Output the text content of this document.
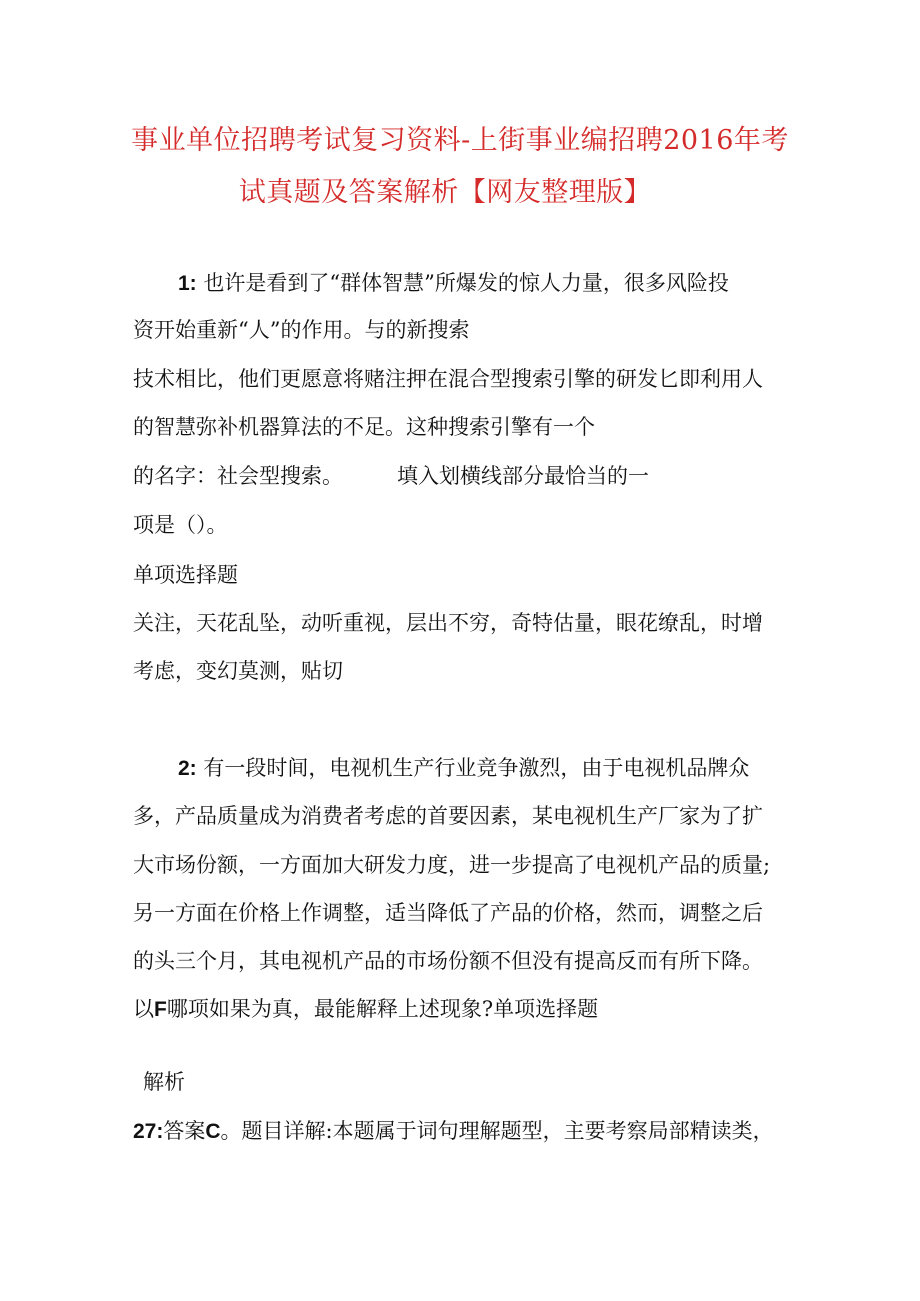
事业单位招聘考试复习资料-上街事业编招聘2016年考
试真题及答案解析【网友整理版】
1: 也许是看到了“群体智慧”所爆发的惊人力量，很多风险投
资开始重新“人”的作用。与的新搜索
技术相比，他们更愿意将赌注押在混合型搜索引擎的研发匕即利用人
的智慧弥补机器算法的不足。这种搜索引擎有一个
的名字：社会型搜索。	填入划横线部分最恰当的一
项是（）。
单项选择题
关注，天花乱坠，动听重视，层出不穷，奇特估量，眼花缭乱，时增
考虑，变幻莫测，贴切
2: 有一段时间，电视机生产行业竞争激烈，由于电视机品牌众
多，产品质量成为消费者考虑的首要因素，某电视机生产厂家为了扩
大市场份额，一方面加大研发力度，进一步提高了电视机产品的质量;
另一方面在价格上作调整，适当降低了产品的价格，然而，调整之后
的头三个月，其电视机产品的市场份额不但没有提高反而有所下降。
以F哪项如果为真，最能解释上述现象?单项选择题
解析
27:答案C。题目详解:本题属于词句理解题型，主要考察局部精读类，
